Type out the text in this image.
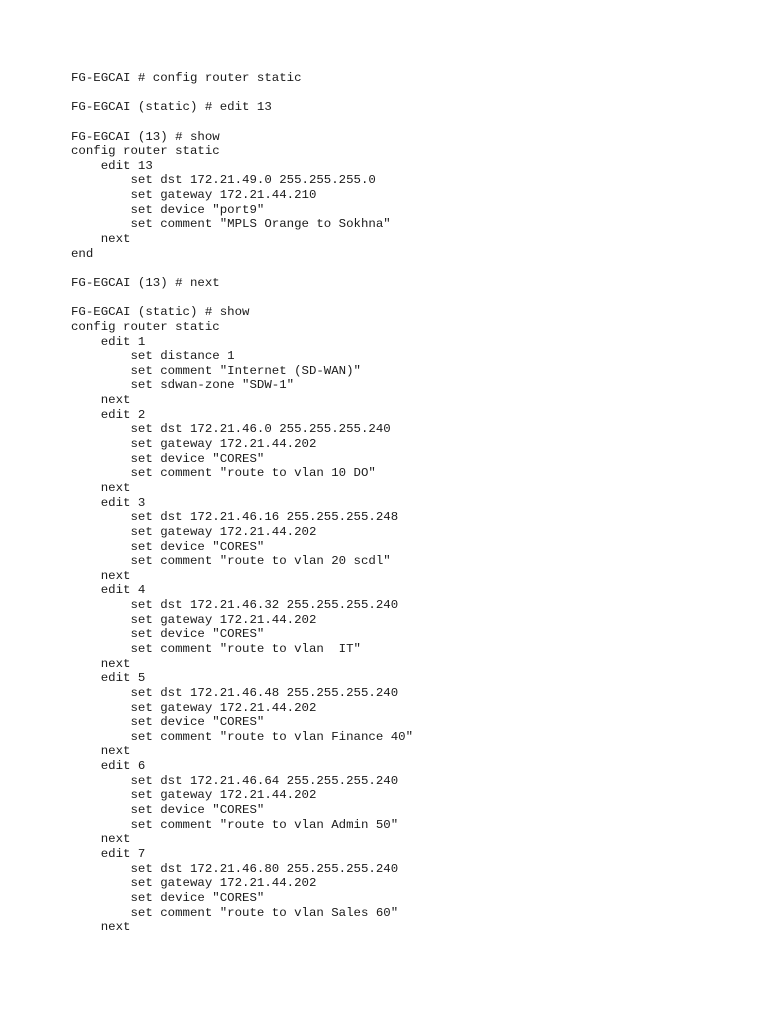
FG-EGCAI # config router static
FG-EGCAI (static) # edit 13
FG-EGCAI (13) # show
config router static
edit 13
set dst 172.21.49.0 255.255.255.0
set gateway 172.21.44.210
set device "port9"
set comment "MPLS Orange to Sokhna"
next
end
FG-EGCAI (13) # next
FG-EGCAI (static) # show
config router static
edit 1
set distance 1
set comment "Internet (SD-WAN)"
set sdwan-zone "SDW-1"
next
edit 2
set dst 172.21.46.0 255.255.255.240
set gateway 172.21.44.202
set device "CORES"
set comment "route to vlan 10 DO"
next
edit 3
set dst 172.21.46.16 255.255.255.248
set gateway 172.21.44.202
set device "CORES"
set comment "route to vlan 20 scdl"
next
edit 4
set dst 172.21.46.32 255.255.255.240
set gateway 172.21.44.202
set device "CORES"
set comment "route to vlan  IT"
next
edit 5
set dst 172.21.46.48 255.255.255.240
set gateway 172.21.44.202
set device "CORES"
set comment "route to vlan Finance 40"
next
edit 6
set dst 172.21.46.64 255.255.255.240
set gateway 172.21.44.202
set device "CORES"
set comment "route to vlan Admin 50"
next
edit 7
set dst 172.21.46.80 255.255.255.240
set gateway 172.21.44.202
set device "CORES"
set comment "route to vlan Sales 60"
next
